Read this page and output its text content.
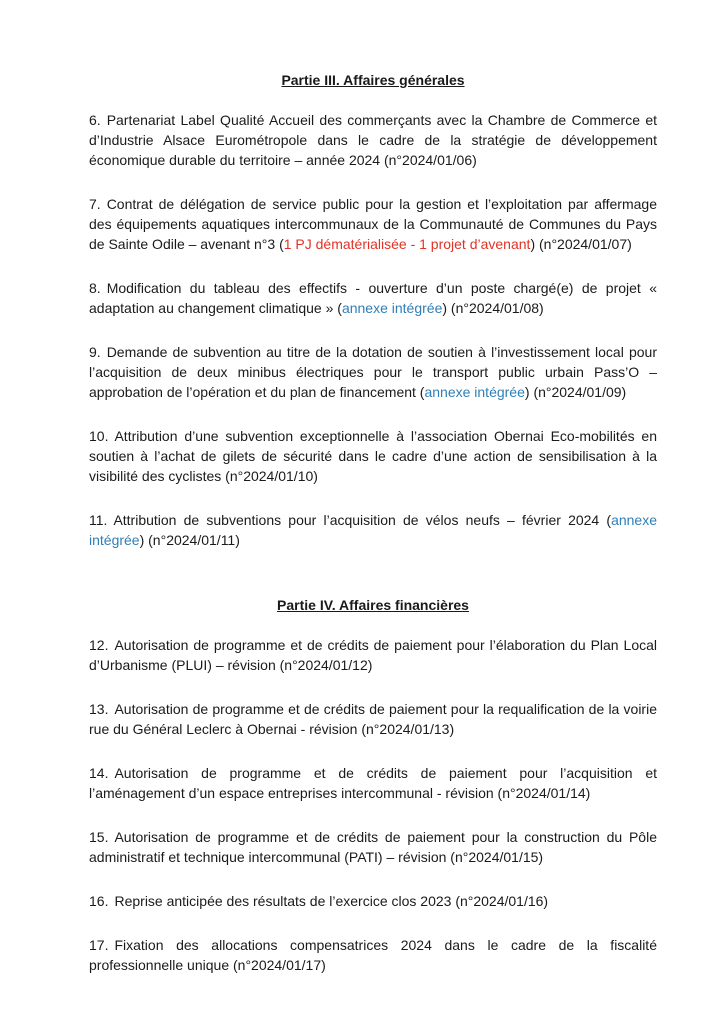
Partie III. Affaires générales

6. Partenariat Label Qualité Accueil des commerçants avec la Chambre de Commerce et d’Industrie Alsace Eurométropole dans le cadre de la stratégie de développement économique durable du territoire – année 2024 (n°2024/01/06)

7. Contrat de délégation de service public pour la gestion et l’exploitation par affermage des équipements aquatiques intercommunaux de la Communauté de Communes du Pays de Sainte Odile – avenant n°3 (1 PJ dématérialisée - 1 projet d’avenant) (n°2024/01/07)

8. Modification du tableau des effectifs - ouverture d’un poste chargé(e) de projet « adaptation au changement climatique » (annexe intégrée) (n°2024/01/08)

9. Demande de subvention au titre de la dotation de soutien à l’investissement local pour l’acquisition de deux minibus électriques pour le transport public urbain Pass’O – approbation de l’opération et du plan de financement (annexe intégrée) (n°2024/01/09)

10. Attribution d’une subvention exceptionnelle à l’association Obernai Eco-mobilités en soutien à l’achat de gilets de sécurité dans le cadre d’une action de sensibilisation à la visibilité des cyclistes (n°2024/01/10)

11. Attribution de subventions pour l’acquisition de vélos neufs – février 2024 (annexe intégrée) (n°2024/01/11)

Partie IV. Affaires financières

12. Autorisation de programme et de crédits de paiement pour l’élaboration du Plan Local d’Urbanisme (PLUI) – révision (n°2024/01/12)

13. Autorisation de programme et de crédits de paiement pour la requalification de la voirie rue du Général Leclerc à Obernai - révision (n°2024/01/13)

14. Autorisation de programme et de crédits de paiement pour l’acquisition et l’aménagement d’un espace entreprises intercommunal - révision (n°2024/01/14)

15. Autorisation de programme et de crédits de paiement pour la construction du Pôle administratif et technique intercommunal (PATI) – révision (n°2024/01/15)

16. Reprise anticipée des résultats de l’exercice clos 2023 (n°2024/01/16)

17. Fixation des allocations compensatrices 2024 dans le cadre de la fiscalité professionnelle unique (n°2024/01/17)
